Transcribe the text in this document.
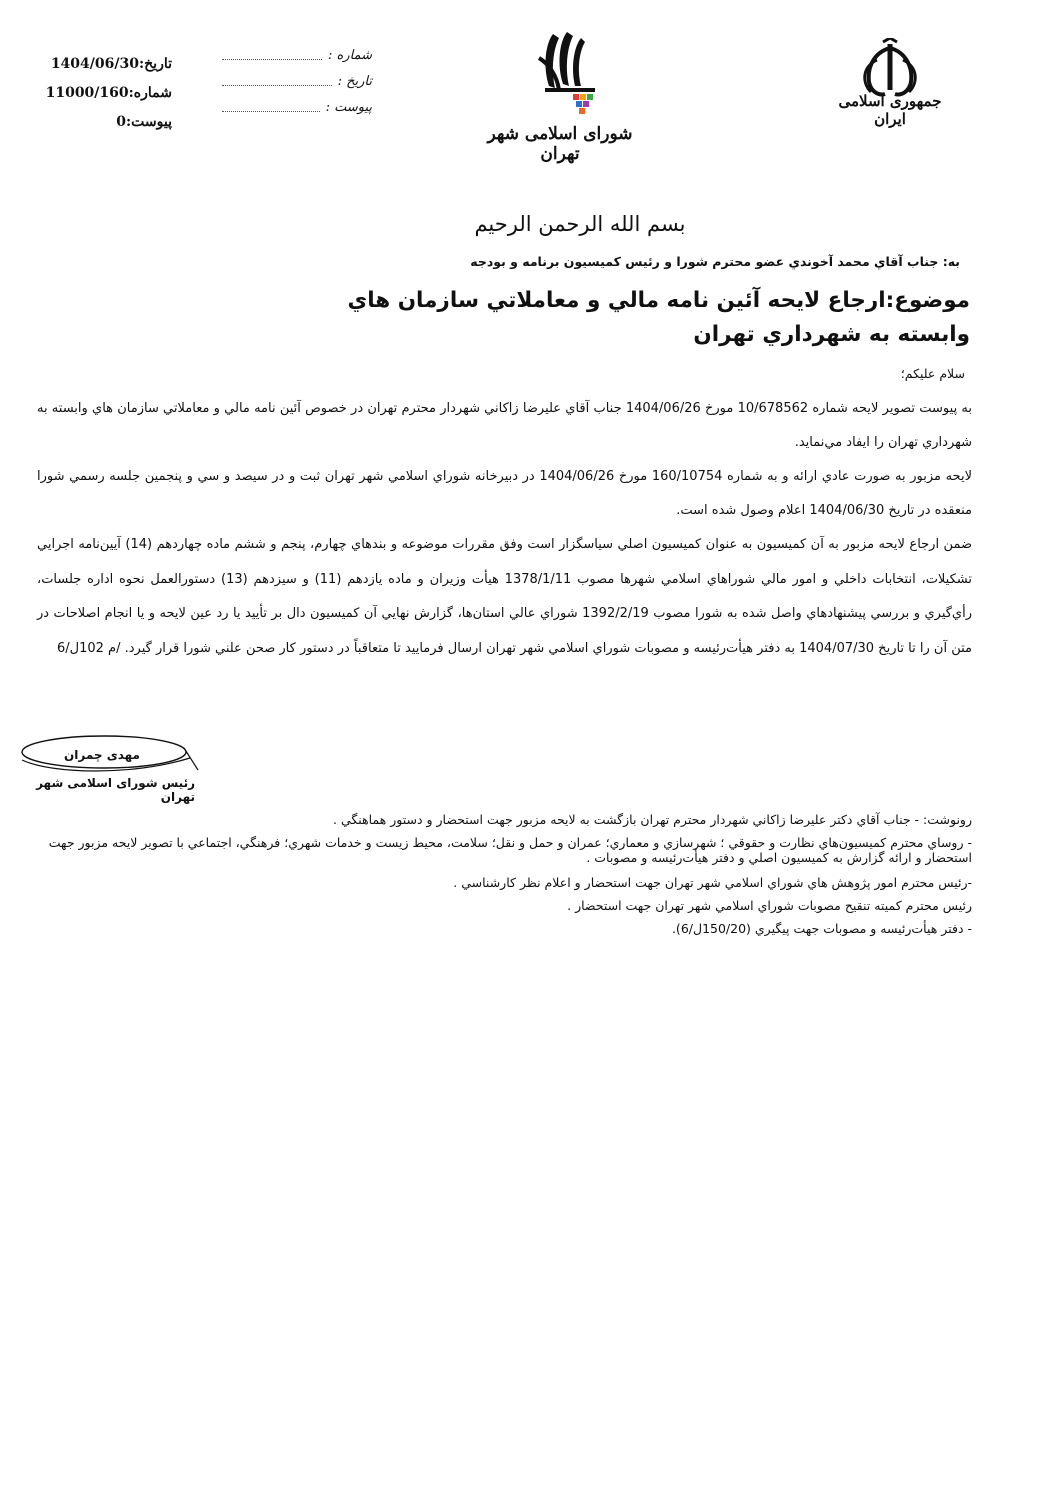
جمهوری اسلامی ایران
شورای اسلامی شهر تهران
شماره
:
تاریخ
:
پیوست
:
تاريخ:1404/06/30
شماره:11000/160
پيوست:0
بسم الله الرحمن الرحيم
به: جناب آقاي محمد آخوندي عضو محترم شورا و رئيس كميسيون برنامه و بودجه
موضوع:ارجاع لايحه آئين نامه مالي و معاملاتي سازمان هاي وابسته به شهرداري تهران
سلام عليكم؛
به پيوست تصوير لايحه شماره 10/678562 مورخ 1404/06/26 جناب آقاي عليرضا زاكاني شهردار محترم تهران در خصوص آئين نامه مالي و معاملاتي سازمان هاي وابسته به شهرداري تهران را ايفاد مي‌نمايد.
لايحه مزبور به صورت عادي ارائه و به شماره 160/10754 مورخ 1404/06/26 در دبيرخانه شوراي اسلامي شهر تهران ثبت و در سيصد و سي و پنجمين جلسه رسمي شورا منعقده در تاريخ 1404/06/30 اعلام وصول شده است.
ضمن ارجاع لايحه مزبور به آن كميسيون به عنوان كميسيون اصلي سياسگزار است وفق مقررات موضوعه و بندهاي چهارم، پنجم و ششم ماده چهاردهم (14) آيين‌نامه اجرايي تشكيلات، انتخابات داخلي و امور مالي شوراهاي اسلامي شهرها مصوب 1378/1/11 هيأت وزيران و ماده يازدهم (11) و سيزدهم (13) دستورالعمل نحوه اداره جلسات، رأي‌گيري و بررسي پيشنهادهاي واصل شده به شورا مصوب 1392/2/19 شوراي عالي استان‌ها، گزارش نهايي آن كميسيون دال بر تأييد يا رد عين لايحه و يا انجام اصلاحات در متن آن را تا تاريخ 1404/07/30 به دفتر هيأت‌رئيسه و مصوبات شوراي اسلامي شهر تهران ارسال فرماييد تا متعاقباً در دستور كار صحن علني شورا قرار گيرد. /م 102ل/6
مهدی چمران
رئیس شورای اسلامی شهر تهران
رونوشت: - جناب آقاي دكتر عليرضا زاكاني شهردار محترم تهران بازگشت به لايحه مزبور جهت استحضار و دستور هماهنگي .
- روساي محترم كميسيون‌هاي نظارت و حقوقي ؛ شهرسازي و معماري؛ عمران و حمل و نقل؛ سلامت، محيط زيست و خدمات شهري؛ فرهنگي، اجتماعي با تصوير لايحه مزبور جهت استحضار و ارائه گزارش به كميسيون اصلي و دفتر هيأت‌رئيسه و مصوبات .
-رئيس محترم امور پژوهش هاي شوراي اسلامي شهر تهران جهت استحضار و اعلام نظر كارشناسي .
رئيس محترم كميته تنقيح مصوبات شوراي اسلامي شهر تهران جهت استحضار .
- دفتر هيأت‌رئيسه و مصوبات جهت پيگيري (150/20ل/6).
